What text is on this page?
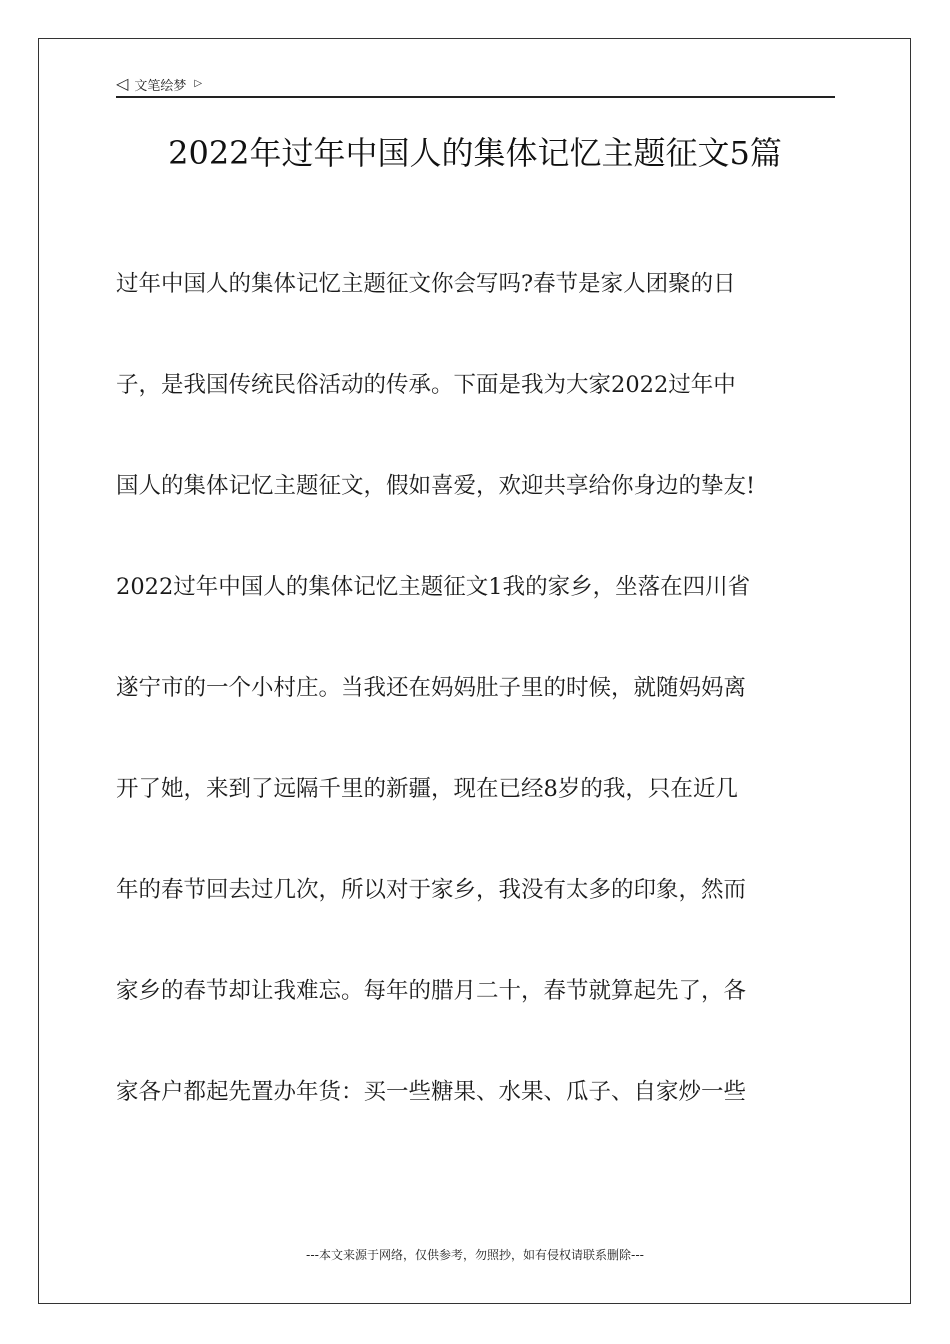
◁ 文笔绘梦 ▷
2022年过年中国人的集体记忆主题征文5篇
过年中国人的集体记忆主题征文你会写吗?春节是家人团聚的日
子，是我国传统民俗活动的传承。下面是我为大家2022过年中
国人的集体记忆主题征文，假如喜爱，欢迎共享给你身边的挚友!
2022过年中国人的集体记忆主题征文1我的家乡，坐落在四川省
遂宁市的一个小村庄。当我还在妈妈肚子里的时候，就随妈妈离
开了她，来到了远隔千里的新疆，现在已经8岁的我，只在近几
年的春节回去过几次，所以对于家乡，我没有太多的印象，然而
家乡的春节却让我难忘。每年的腊月二十，春节就算起先了，各
家各户都起先置办年货：买一些糖果、水果、瓜子、自家炒一些
---本文来源于网络，仅供参考，勿照抄，如有侵权请联系删除---
